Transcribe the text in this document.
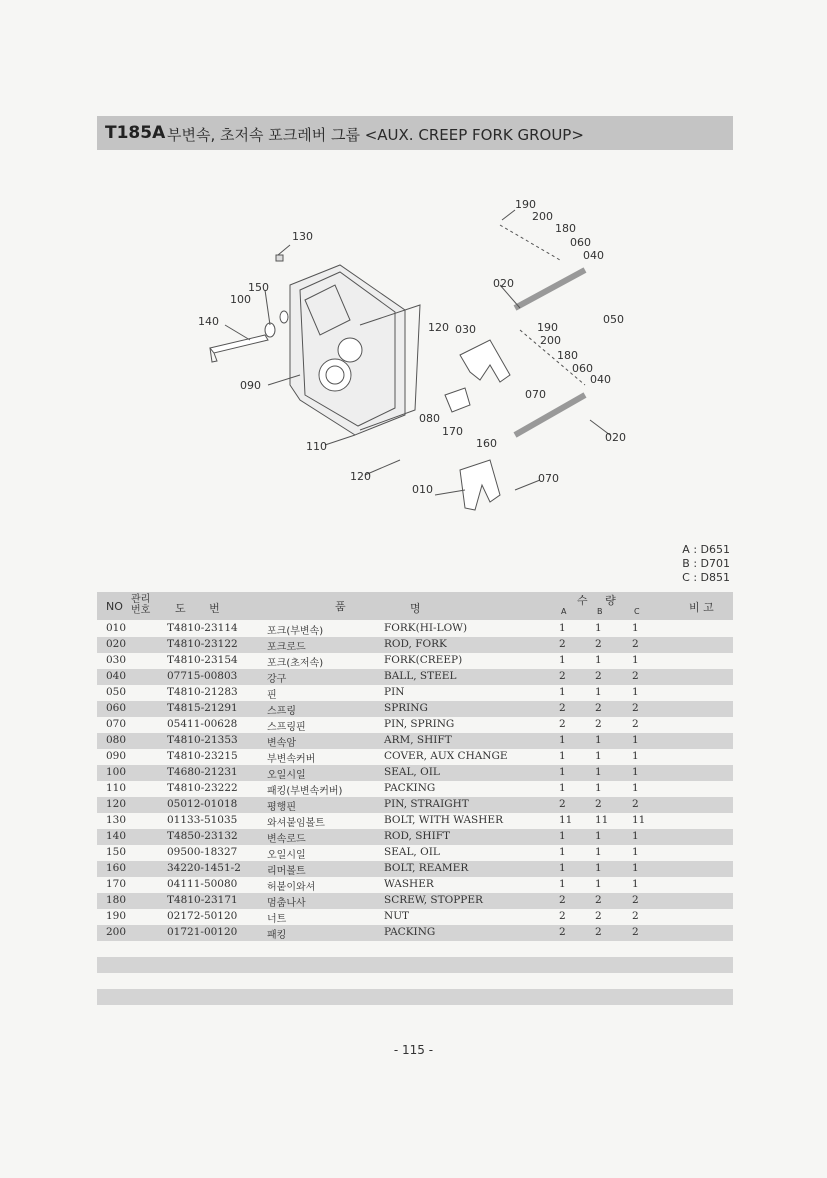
T185A 부변속, 초저속 포크레버 그룹 <AUX. CREEP FORK GROUP>
190
200
180
060
040
130
020
150
100
140	120 030	190
050
200
180
060
040
090
070
080
170
160	020
110
120	070
010
A : D651
B : D701
C : D851
NO
관리
번호 도 번	품	명
수 량
A	B	C	비 고
010	T4810-23114	포크(부변속)	FORK(HI-LOW)	1	1	1
020	T4810-23122	포크로드	ROD, FORK	2	2	2
030	T4810-23154	포크(초저속)	FORK(CREEP)	1	1	1
040	07715-00803	강구	BALL, STEEL	2	2	2
050	T4810-21283	핀	PIN	1	1	1
060	T4815-21291	스프링	SPRING	2	2	2
070	05411-00628	스프링핀	PIN, SPRING	2	2	2
080	T4810-21353	변속암	ARM, SHIFT	1	1	1
090	T4810-23215	부변속커버	COVER, AUX CHANGE	1	1	1
100	T4680-21231	오일시일	SEAL, OIL	1	1	1
110	T4810-23222	패킹(부변속커버)	PACKING	1	1	1
120	05012-01018	평행핀	PIN, STRAIGHT	2	2	2
130	01133-51035	와셔붙임볼트	BOLT, WITH WASHER	11 11 11
140	T4850-23132	변속로드	ROD, SHIFT	1	1	1
150	09500-18327	오일시일	SEAL, OIL	1	1	1
160	34220-1451-2	리머볼트	BOLT, REAMER	1	1	1
170	04111-50080	허붙이와셔	WASHER	1	1	1
180	T4810-23171	멈춤나사	SCREW, STOPPER	2	2	2
190	02172-50120	너트	NUT	2	2	2
200	01721-00120	패킹	PACKING	2	2	2
- 115 -
